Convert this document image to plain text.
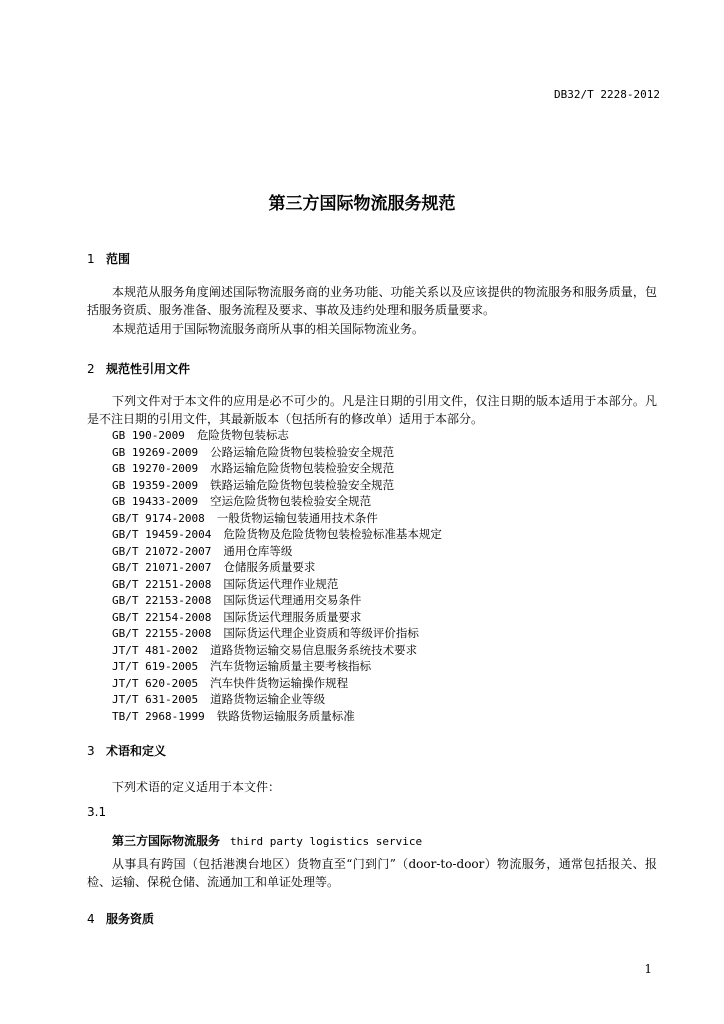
DB32/T 2228-2012
第三方国际物流服务规范
1 范围
本规范从服务角度阐述国际物流服务商的业务功能、功能关系以及应该提供的物流服务和服务质量，包括服务资质、服务准备、服务流程及要求、事故及违约处理和服务质量要求。
本规范适用于国际物流服务商所从事的相关国际物流业务。
2 规范性引用文件
下列文件对于本文件的应用是必不可少的。凡是注日期的引用文件，仅注日期的版本适用于本部分。凡是不注日期的引用文件，其最新版本（包括所有的修改单）适用于本部分。
GB 190-2009 危险货物包装标志
GB 19269-2009 公路运输危险货物包装检验安全规范
GB 19270-2009 水路运输危险货物包装检验安全规范
GB 19359-2009 铁路运输危险货物包装检验安全规范
GB 19433-2009 空运危险货物包装检验安全规范
GB/T 9174-2008 一般货物运输包装通用技术条件
GB/T 19459-2004 危险货物及危险货物包装检验标准基本规定
GB/T 21072-2007 通用仓库等级
GB/T 21071-2007 仓储服务质量要求
GB/T 22151-2008 国际货运代理作业规范
GB/T 22153-2008 国际货运代理通用交易条件
GB/T 22154-2008 国际货运代理服务质量要求
GB/T 22155-2008 国际货运代理企业资质和等级评价指标
JT/T 481-2002 道路货物运输交易信息服务系统技术要求
JT/T 619-2005 汽车货物运输质量主要考核指标
JT/T 620-2005 汽车快件货物运输操作规程
JT/T 631-2005 道路货物运输企业等级
TB/T 2968-1999 铁路货物运输服务质量标准
3 术语和定义
下列术语的定义适用于本文件：
3.1
第三方国际物流服务 third party logistics service
从事具有跨国（包括港澳台地区）货物直至“门到门”（door-to-door）物流服务，通常包括报关、报检、运输、保税仓储、流通加工和单证处理等。
4 服务资质
1
